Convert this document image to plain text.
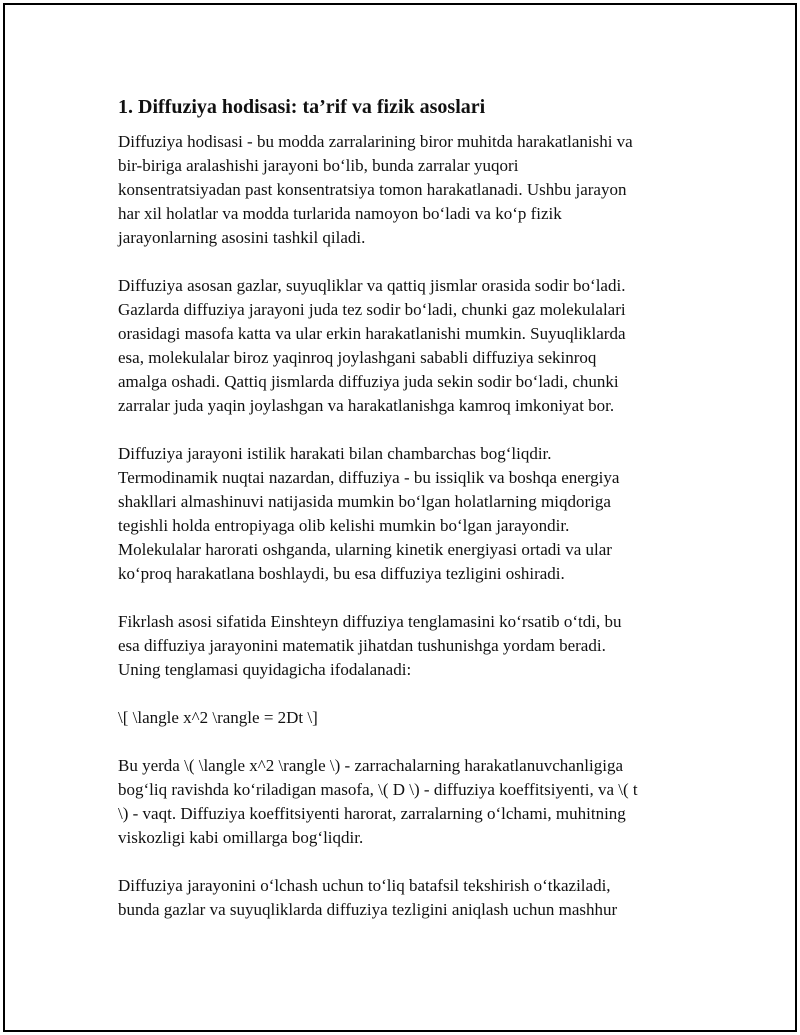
1. Diffuziya hodisasi: ta’rif va fizik asoslari

Diffuziya hodisasi - bu modda zarralarining biror muhitda harakatlanishi va
bir-biriga aralashishi jarayoni bo‘lib, bunda zarralar yuqori
konsentratsiyadan past konsentratsiya tomon harakatlanadi. Ushbu jarayon
har xil holatlar va modda turlarida namoyon bo‘ladi va ko‘p fizik
jarayonlarning asosini tashkil qiladi.

Diffuziya asosan gazlar, suyuqliklar va qattiq jismlar orasida sodir bo‘ladi.
Gazlarda diffuziya jarayoni juda tez sodir bo‘ladi, chunki gaz molekulalari
orasidagi masofa katta va ular erkin harakatlanishi mumkin. Suyuqliklarda
esa, molekulalar biroz yaqinroq joylashgani sababli diffuziya sekinroq
amalga oshadi. Qattiq jismlarda diffuziya juda sekin sodir bo‘ladi, chunki
zarralar juda yaqin joylashgan va harakatlanishga kamroq imkoniyat bor.

Diffuziya jarayoni istilik harakati bilan chambarchas bog‘liqdir.
Termodinamik nuqtai nazardan, diffuziya - bu issiqlik va boshqa energiya
shakllari almashinuvi natijasida mumkin bo‘lgan holatlarning miqdoriga
tegishli holda entropiyaga olib kelishi mumkin bo‘lgan jarayondir.
Molekulalar harorati oshganda, ularning kinetik energiyasi ortadi va ular
ko‘proq harakatlana boshlaydi, bu esa diffuziya tezligini oshiradi.

Fikrlash asosi sifatida Einshteyn diffuziya tenglamasini ko‘rsatib o‘tdi, bu
esa diffuziya jarayonini matematik jihatdan tushunishga yordam beradi.
Uning tenglamasi quyidagicha ifodalanadi:

\[ \langle x^2 \rangle = 2Dt \]

Bu yerda \( \langle x^2 \rangle \) - zarrachalarning harakatlanuvchanligiga
bog‘liq ravishda ko‘riladigan masofa, \( D \) - diffuziya koeffitsiyenti, va \( t
\) - vaqt. Diffuziya koeffitsiyenti harorat, zarralarning o‘lchami, muhitning
viskozligi kabi omillarga bog‘liqdir.

Diffuziya jarayonini o‘lchash uchun to‘liq batafsil tekshirish o‘tkaziladi,
bunda gazlar va suyuqliklarda diffuziya tezligini aniqlash uchun mashhur
